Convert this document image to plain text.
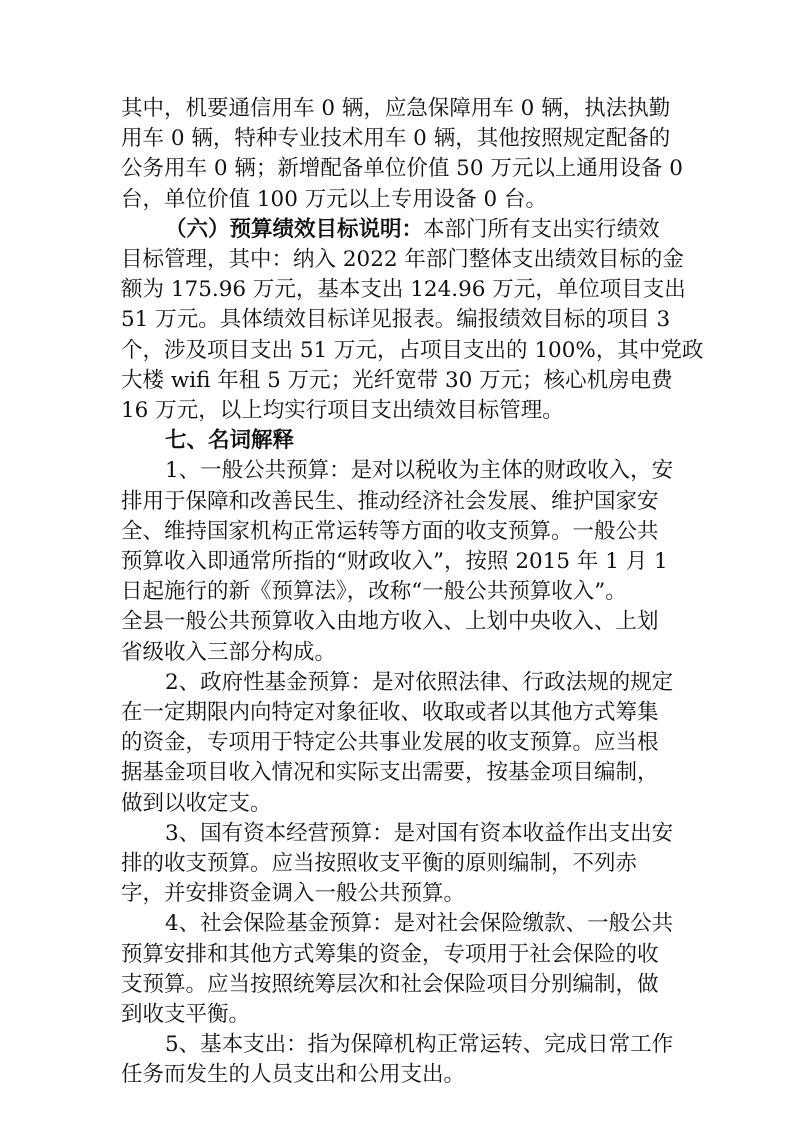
其中，机要通信用车 0 辆，应急保障用车 0 辆，执法执勤
用车 0 辆，特种专业技术用车 0 辆，其他按照规定配备的
公务用车 0 辆；新增配备单位价值 50 万元以上通用设备 0
台，单位价值 100 万元以上专用设备 0 台。
（六）预算绩效目标说明：本部门所有支出实行绩效
目标管理，其中：纳入 2022 年部门整体支出绩效目标的金
额为 175.96 万元，基本支出 124.96 万元，单位项目支出
51 万元。具体绩效目标详见报表。编报绩效目标的项目 3
个，涉及项目支出 51 万元，占项目支出的 100%，其中党政
大楼 wifi 年租 5 万元；光纤宽带 30 万元；核心机房电费
16 万元，以上均实行项目支出绩效目标管理。
七、名词解释
1、一般公共预算：是对以税收为主体的财政收入，安
排用于保障和改善民生、推动经济社会发展、维护国家安
全、维持国家机构正常运转等方面的收支预算。一般公共
预算收入即通常所指的“财政收入”，按照 2015 年 1 月 1
日起施行的新《预算法》，改称“一般公共预算收入”。
全县一般公共预算收入由地方收入、上划中央收入、上划
省级收入三部分构成。
2、政府性基金预算：是对依照法律、行政法规的规定
在一定期限内向特定对象征收、收取或者以其他方式筹集
的资金，专项用于特定公共事业发展的收支预算。应当根
据基金项目收入情况和实际支出需要，按基金项目编制，
做到以收定支。
3、国有资本经营预算：是对国有资本收益作出支出安
排的收支预算。应当按照收支平衡的原则编制，不列赤
字，并安排资金调入一般公共预算。
4、社会保险基金预算：是对社会保险缴款、一般公共
预算安排和其他方式筹集的资金，专项用于社会保险的收
支预算。应当按照统筹层次和社会保险项目分别编制，做
到收支平衡。
5、基本支出：指为保障机构正常运转、完成日常工作
任务而发生的人员支出和公用支出。
